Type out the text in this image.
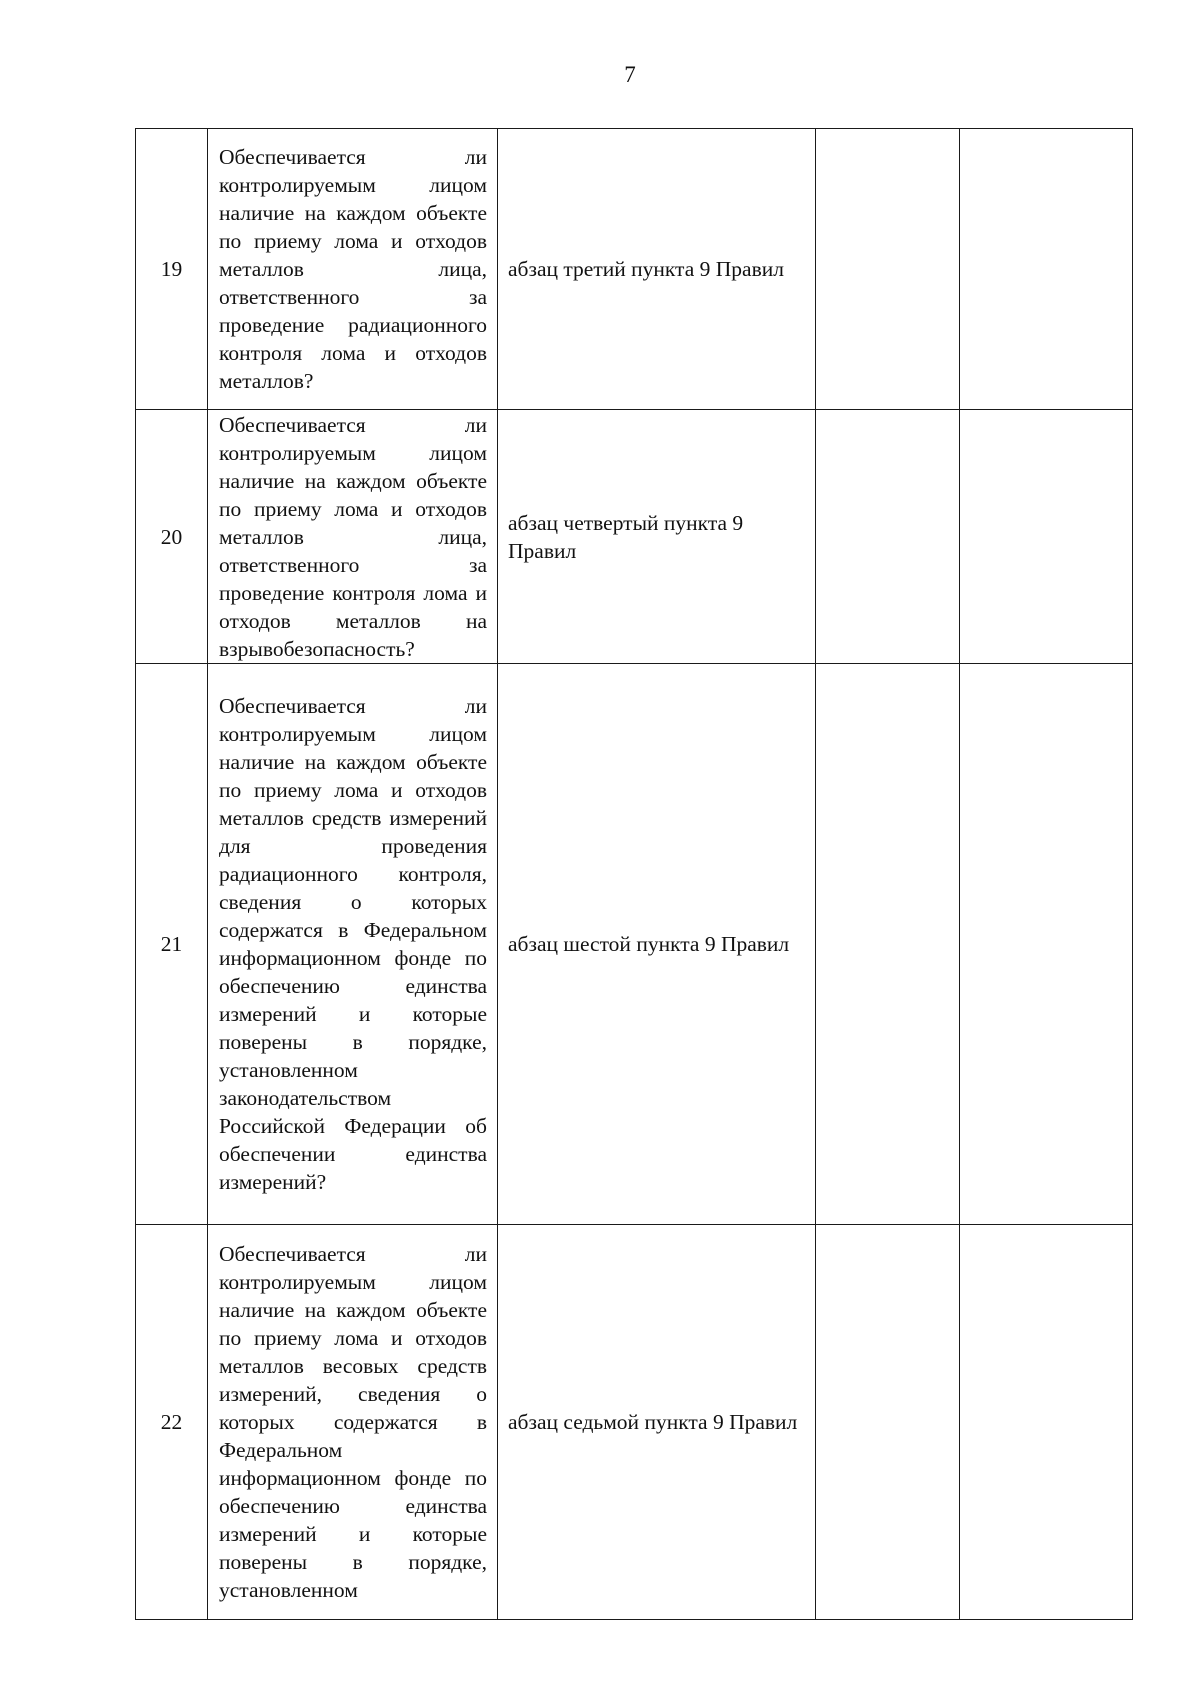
7
19	Обеспечивается ли контролируемым лицом наличие на каждом объекте по приему лома и отходов металлов лица, ответственного за проведение радиационного контроля лома и отходов металлов?	абзац третий пункта 9 Правил		
20	Обеспечивается ли контролируемым лицом наличие на каждом объекте по приему лома и отходов металлов лица, ответственного за проведение контроля лома и отходов металлов на взрывобезопасность?	абзац четвертый пункта 9 Правил		
21	Обеспечивается ли контролируемым лицом наличие на каждом объекте по приему лома и отходов металлов средств измерений для проведения радиационного контроля, сведения о которых содержатся в Федеральном информационном фонде по обеспечению единства измерений и которые поверены в порядке, установленном законодательством Российской Федерации об обеспечении единства измерений?	абзац шестой пункта 9 Правил		
22	Обеспечивается ли контролируемым лицом наличие на каждом объекте по приему лома и отходов металлов весовых средств измерений, сведения о которых содержатся в Федеральном информационном фонде по обеспечению единства измерений и которые поверены в порядке, установленном	абзац седьмой пункта 9 Правил		
